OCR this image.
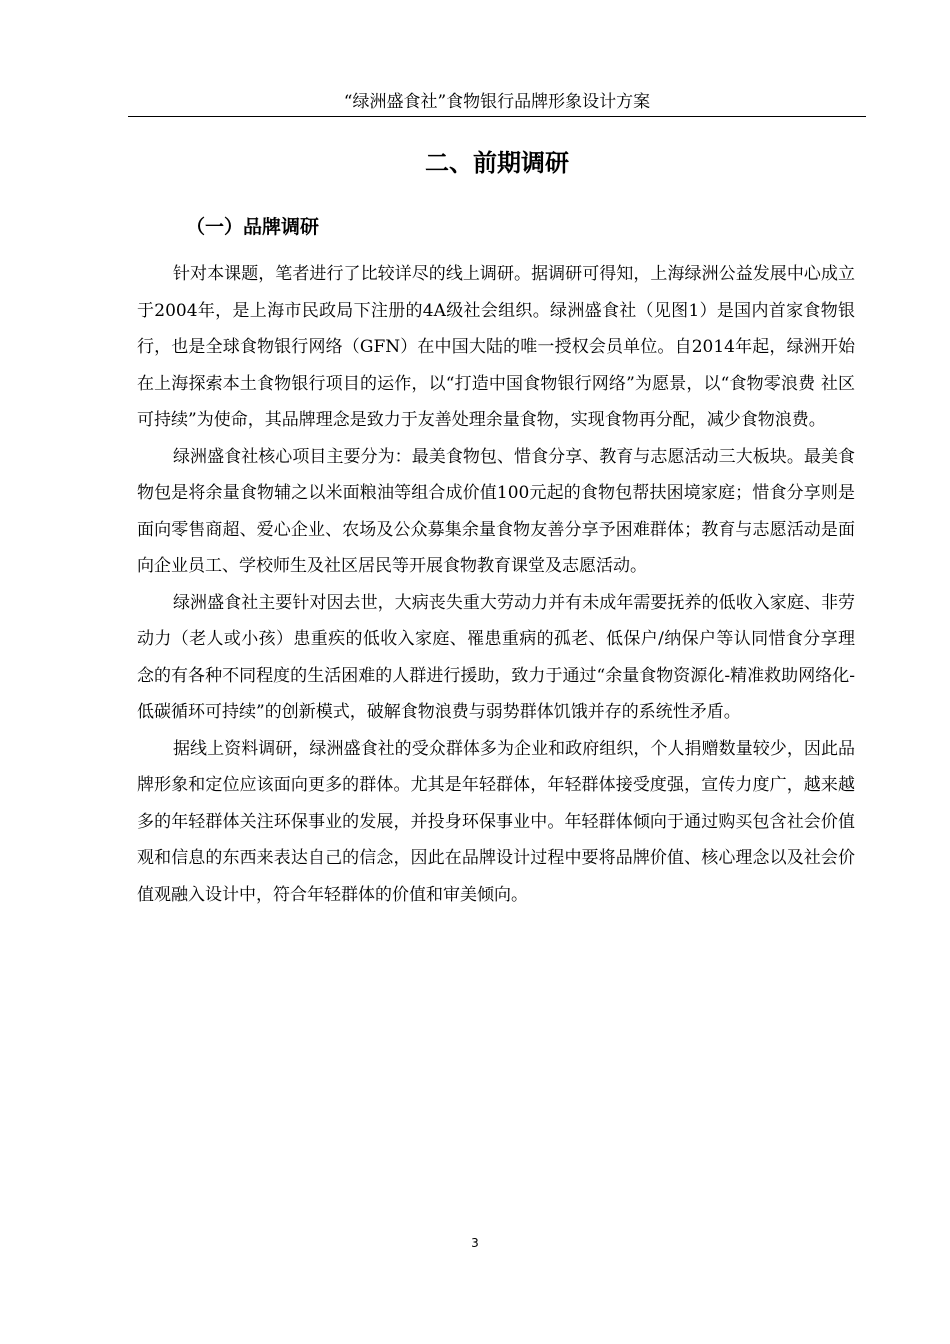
“绿洲盛食社”食物银行品牌形象设计方案
二、前期调研
（一）品牌调研

针对本课题，笔者进行了比较详尽的线上调研。据调研可得知，上海绿洲公益发展中心成立于2004年，是上海市民政局下注册的4A级社会组织。绿洲盛食社（见图1）是国内首家食物银行，也是全球食物银行网络（GFN）在中国大陆的唯一授权会员单位。自2014年起，绿洲开始在上海探索本土食物银行项目的运作，以“打造中国食物银行网络”为愿景，以“食物零浪费 社区可持续”为使命，其品牌理念是致力于友善处理余量食物，实现食物再分配，减少食物浪费。

绿洲盛食社核心项目主要分为：最美食物包、惜食分享、教育与志愿活动三大板块。最美食物包是将余量食物辅之以米面粮油等组合成价值100元起的食物包帮扶困境家庭；惜食分享则是面向零售商超、爱心企业、农场及公众募集余量食物友善分享予困难群体；教育与志愿活动是面向企业员工、学校师生及社区居民等开展食物教育课堂及志愿活动。

绿洲盛食社主要针对因去世，大病丧失重大劳动力并有未成年需要抚养的低收入家庭、非劳动力（老人或小孩）患重疾的低收入家庭、罹患重病的孤老、低保户/纳保户等认同惜食分享理念的有各种不同程度的生活困难的人群进行援助，致力于通过“余量食物资源化-精准救助网络化-低碳循环可持续”的创新模式，破解食物浪费与弱势群体饥饿并存的系统性矛盾。

据线上资料调研，绿洲盛食社的受众群体多为企业和政府组织，个人捐赠数量较少，因此品牌形象和定位应该面向更多的群体。尤其是年轻群体，年轻群体接受度强，宣传力度广，越来越多的年轻群体关注环保事业的发展，并投身环保事业中。年轻群体倾向于通过购买包含社会价值观和信息的东西来表达自己的信念，因此在品牌设计过程中要将品牌价值、核心理念以及社会价值观融入设计中，符合年轻群体的价值和审美倾向。

3
